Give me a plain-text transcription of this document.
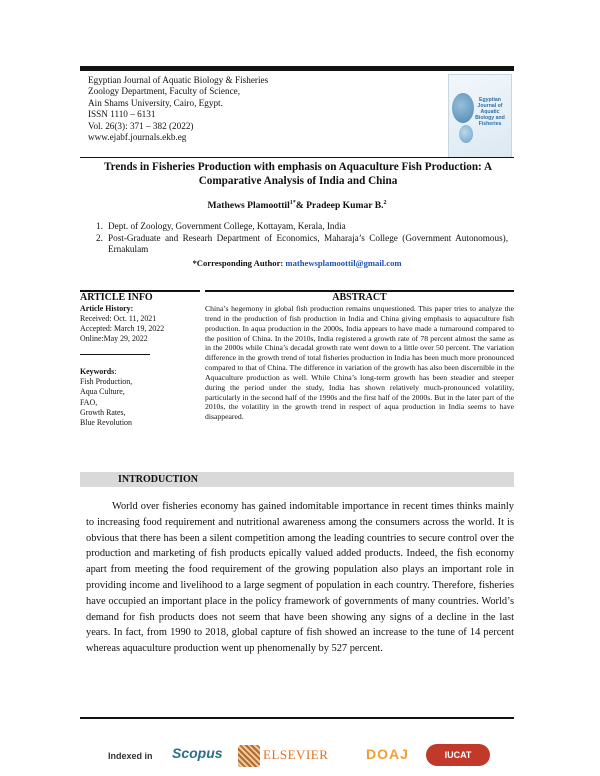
Egyptian Journal of Aquatic Biology & Fisheries
Zoology Department, Faculty of Science,
Ain Shams University, Cairo, Egypt.
ISSN 1110 – 6131
Vol. 26(3): 371 – 382 (2022)
www.ejabf.journals.ekb.eg
Egyptian Journal of Aquatic Biology and Fisheries
Trends in Fisheries Production with emphasis on Aquaculture Fish Production: A Comparative Analysis of India and China
Mathews Plamoottil$^{1*}$& Pradeep Kumar B.$^2$
1. Dept. of Zoology, Government College, Kottayam, Kerala, India
2. Post-Graduate and Researh Department of Economics, Maharaja’s College (Government Autonomous), Ernakulam
*Corresponding Author: mathewsplamoottil@gmail.com
ARTICLE INFO	ABSTRACT
Article History:
Received: Oct. 11, 2021
Accepted: March 19, 2022
Online:May 29, 2022
Keywords:
Fish Production,
Aqua Culture,
FAO,
Growth Rates,
Blue Revolution
China’s hegemony in global fish production remains unquestioned. This paper tries to analyze the trend in the production of fish production in India and China giving emphasis to aquaculture fish production. In aqua production in the 2000s, India appears to have made a turnaround compared to the position of China. In the 2010s, India registered a growth rate of 78 percent almost the same as in the 2000s while China’s decadal growth rate went down to a little over 50 percent. The variation difference in the growth trend of total fisheries production in India has been much more pronounced compared to that of China. The difference in variation of the growth has also been discernible in the Aquaculture production as well. While China’s long-term growth has been steadier and steeper during the period under the study, India has shown relatively much-pronounced volatility, particularly in the second half of the 1990s and the first half of the 2000s. But in the later part of the 2010s, the volatility in the growth trend in respect of aqua production in India seems to have disappeared.
INTRODUCTION
World over fisheries economy has gained indomitable importance in recent times thinks mainly to increasing food requirement and nutritional awareness among the consumers across the world. It is obvious that there has been a silent competition among the leading countries to secure control over the production and marketing of fish products epically valued added products. Indeed, the fish economy apart from meeting the food requirement of the growing population also plays an important role in providing income and livelihood to a large segment of population in each country. Therefore, fisheries have occupied an important place in the policy framework of governments of many countries. World’s demand for fish products does not seem that have been showing any signs of a decline in the last years. In fact, from 1990 to 2018, global capture of fish showed an increase to the tune of 14 percent whereas aquaculture production went up phenomenally by 527 percent.
Indexed in Scopus	ELSEVIER	DOAJ	IUCAT
